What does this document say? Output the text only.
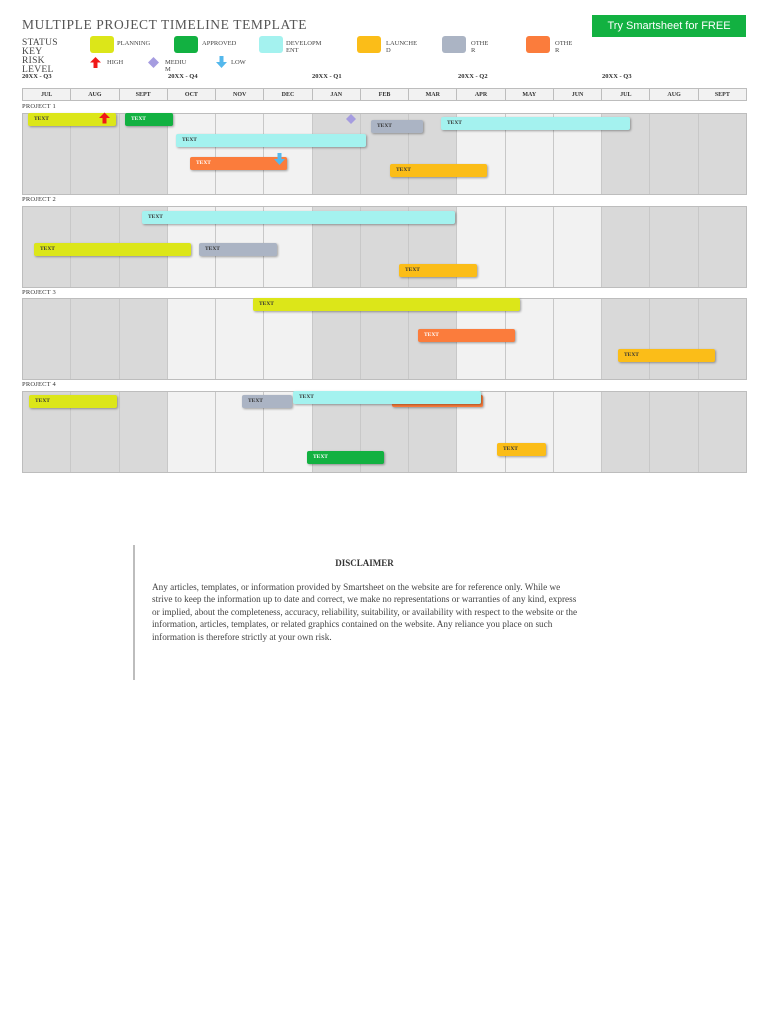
MULTIPLE PROJECT TIMELINE TEMPLATE	Try Smartsheet for FREE
STATUS KEY
PLANNING	APPROVED	DEVELOPMENT
LAUNCHED
OTHER
OTHER
RISK LEVEL
HIGH	MEDIUM
LOW
20XX - Q3	20XX - Q4	20XX - Q1	20XX - Q2	20XX - Q3
JUL	AUG	SEPT	OCT	NOV	DEC	JAN	FEB	MAR	APR	MAY	JUN	JUL	AUG	SEPT
PROJECT 1
TEXT	TEXT
TEXT	TEXT
TEXT
TEXT
TEXT
PROJECT 2
TEXT
TEXT	TEXT
TEXT
PROJECT 3
TEXT
TEXT
TEXT
PROJECT 4
TEXT	TEXT
TEXT
TEXT
TEXT
DISCLAIMER
Any articles, templates, or information provided by Smartsheet on the website are for reference only. While we strive to keep the information up to date and correct, we make no representations or warranties of any kind, express or implied, about the completeness, accuracy, reliability, suitability, or availability with respect to the website or the information, articles, templates, or related graphics contained on the website. Any reliance you place on such information is therefore strictly at your own risk.
